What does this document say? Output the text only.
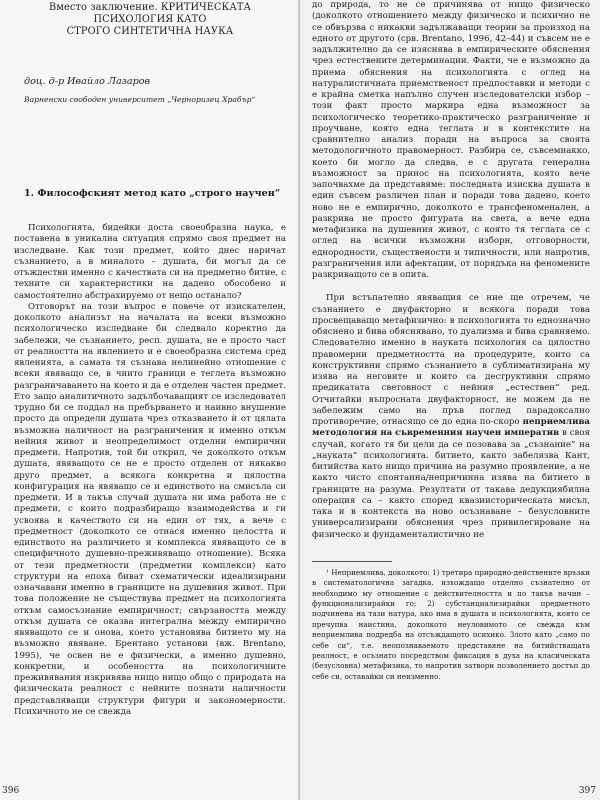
Вместо заключение. КРИТИЧЕСКАТА ПСИХОЛОГИЯ КАТО
СТРОГО СИНТЕТИЧНА НАУКА
доц. д-р Ивайло Лазаров
Варненски свободен университет „Черноризец Храбър“
1. Философският метод като „строго научен“

Психологията, бидейки доста своеобразна наука, е поставена в уникална ситуация спрямо своя предмет на изследване. Как този предмет, който днес наричат съзнанието, а в миналото – душата, би могъл да се отъждестви именно с качествата си на предметно битие, с техните си характеристики на дадено обособено и самостоятелно абстрахируемо от нещо останало?

Отговорът на този въпрос е повече от изискателен, доколкото анализът на началата на всеки възможно психологическо изследване би следвало коректно да забележи, че съзнанието, респ. душата, не е просто част от реалността на явлението и е своеобразна система сред явленията, а самата тя съзнава нелинейно отношение с всеки явяващо се, в чиито граници е теглета възможно разграничаването на което и да е отделен частен предмет. Ето защо аналитичното задълбочаващият се изследовател трудно би се поддал на пребърването и наивно внушение просто да определи душата чрез отказването ѝ от цялата възможна наличност на разграничения и именно откъм нейния живот и неопределимост отделни емпирични предмети. Напротив, той би открил, че доколкото откъм душата, явяващото се не е просто отделен от някакво друго предмет, а всякога конкретна и цялостна конфигурация на явяващо се и единството на смисъла си предмети. И в такъв случай душата ни има работа не с предмети, с които подразбиращо взаимодейства и ги усвоява в качеството си на един от тях, а вече с предметност (доколкото се отнася именно целостта и единството на различието и комплекса явяващото се в специфичното душевно-преживяващо отношение). Всяка от тези предметности (предметни комплекси) като структури на епоха биват схематически идеализирани означавани именно в границите на душевния живот. При това положение не съществува предмет на психологията откъм самосъзнание емпиричност; свързаността между откъм душата се оказва интегрална между емпирично явяващото се и онова, което установява битието му на възможно явяване. Брентано установи (вж. Brentano, 1995), че освен не е физически, а именно душевно, конкретни, и особеността на психологичните преживявания изкривява нищо нищо общо с природата на физическата реалност с нейните познати наличности представляващи структури фигури и закономерности. Психичното не се свежда

396

до природа, то не се причинява от нищо физическо (доколкото отношението между физическо и психично не се обвързва с никакви задължаващи теории за произход на едното от другото (срв. Brentano, 1996, 42–44) и съвсем не е задължително да се изяснява в емпирическите обяснения чрез естествените детерминации. Факти, че е възможно да приема обяснения на психологията с оглед на натуралистичната приемственост предпоставки и методи с е крайна сметка напълно случен изследователски избор – този факт просто маркира една възможност за психологическо теоретико-практическо разграничение и проучване, която една теглата и в контекстите на сравнително анализ поради на въпроса за своята методологичното правомерност. Разбира се, съвсемнакко, което би могло да следва, е с другата генерална възможност за принос на психологията, която вече започвахме да представяме: последната изисква душата в един съвсем различен план и поради това дадено, което ново не е емпирично, доколкото е трансфеноменален, а разкрива не просто фигурата на света, а вече една метафизика на душевния живот, с която тя теглата се с оглед на всички възможни изборн, отговорности, еднородности, съществености и типичности, или напротив, разграничения или афектации, от порядъка на феномените разкриващото се в опита.

При встъпателно явяващия се ние ще отречем, че съзнанието е двуфакторно и всякога поради това просвещаващо метафизично: в психологията то еднозначно обяснено и бива обяснявано, то дуализма и бива сравняемо. Следователно именно в науката психология са цялостно правомерни предметността на процедурите, които са конструктивни спрямо съзнанието в сублиматизирана му изява на неговите и които са деструктивни спрямо предикатата световност с нейния „естествен“ ред. Отчитайки въпросната двуфакторност, не можем да не забележим само на пръв поглед парадоксално противоречие, отнасящо се до една по-скоро неприемлива методология на съвременния научен императив в своя случай, когато тя би цели да се позовава за „съзнание“ на „науката“ психологията. битието, както забелязва Кант, битийства като нищо причина на разумно проявление, а не както чисто спонтанна/непричинна изява на битието в границите на разума. Резултати от такава дедукциябилна операция са – както според квазиисторическата мисъл, така и в контекста на ново осъзнаване – безусловните универсализирани обяснения чрез привилегироване на физическо и фундаменталистично не

¹ Неприемлива, доколкото: 1) третира природно-действените връзки в систематологична загадка, изхождащо отделно съзнателно от необходимо му отношение с действителността и по такъв начин – функционализирайки го; 2) субстанциализирайки предметното подчинена на тази натура, ако има в душата и психологията, която се пречупва наистина, доколкото неуловимото се свежда към неприемлива подредба на отсъждащото психико. Злото като „само по себе си“, т.е. неопознаваемото представяне на битийстващата реалност, е осъзнато посредством фиксация в духа на класическата (безусловна) метафизика, то напротив затвори позволението достъп до себе си, оставайки си неизменно.

397
